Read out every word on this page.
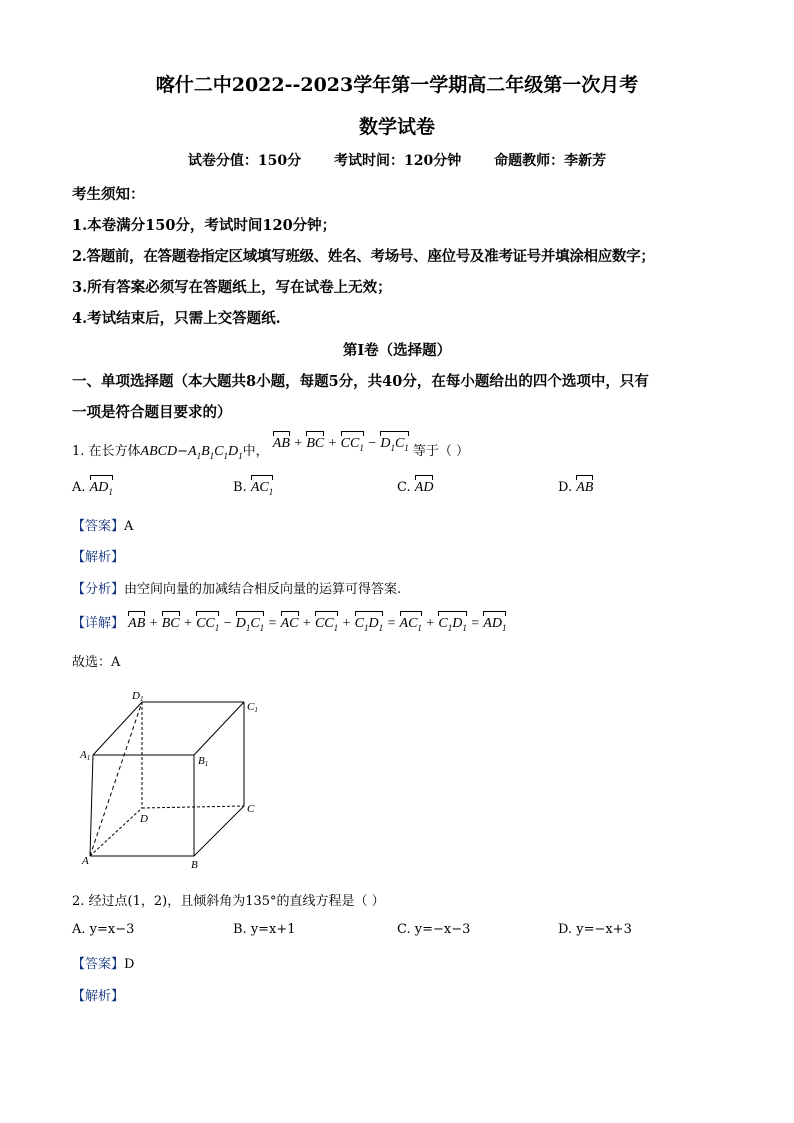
喀什二中2022--2023学年第一学期高二年级第一次月考
数学试卷
试卷分值：150分 考试时间：120分钟 命题教师：李新芳
考生须知：
1.本卷满分150分，考试时间120分钟；
2.答题前，在答题卷指定区域填写班级、姓名、考场号、座位号及准考证号并填涂相应数字；
3.所有答案必须写在答题纸上，写在试卷上无效；
4.考试结束后，只需上交答题纸.
第Ⅰ卷（选择题）
一、单项选择题（本大题共8小题，每题5分，共40分，在每小题给出的四个选项中，只有
一项是符合题目要求的）
1. 在长方体$ABCD-A_1B_1C_1D_1$中， AB + BC + $CC_1 - D_1C_1$ 等于（ ）
A. $AD_1$	B. $AC_1$	C. AD	D. AB
【答案】A
【解析】
【分析】由空间向量的加减结合相反向量的运算可得答案.
【详解】 AB + BC + $CC_1 - D_1C_1$ = AC + $CC_1 + C_1D_1 = AC_1 + C_1D_1 = AD_1$
故选：A
D1
C1
A1	B1
D
C
A	B
2. 经过点(1，2)，且倾斜角为135°的直线方程是（ ）
A. y=x−3	B. y=x+1	C. y=−x−3	D. y=−x+3
【答案】D
【解析】
